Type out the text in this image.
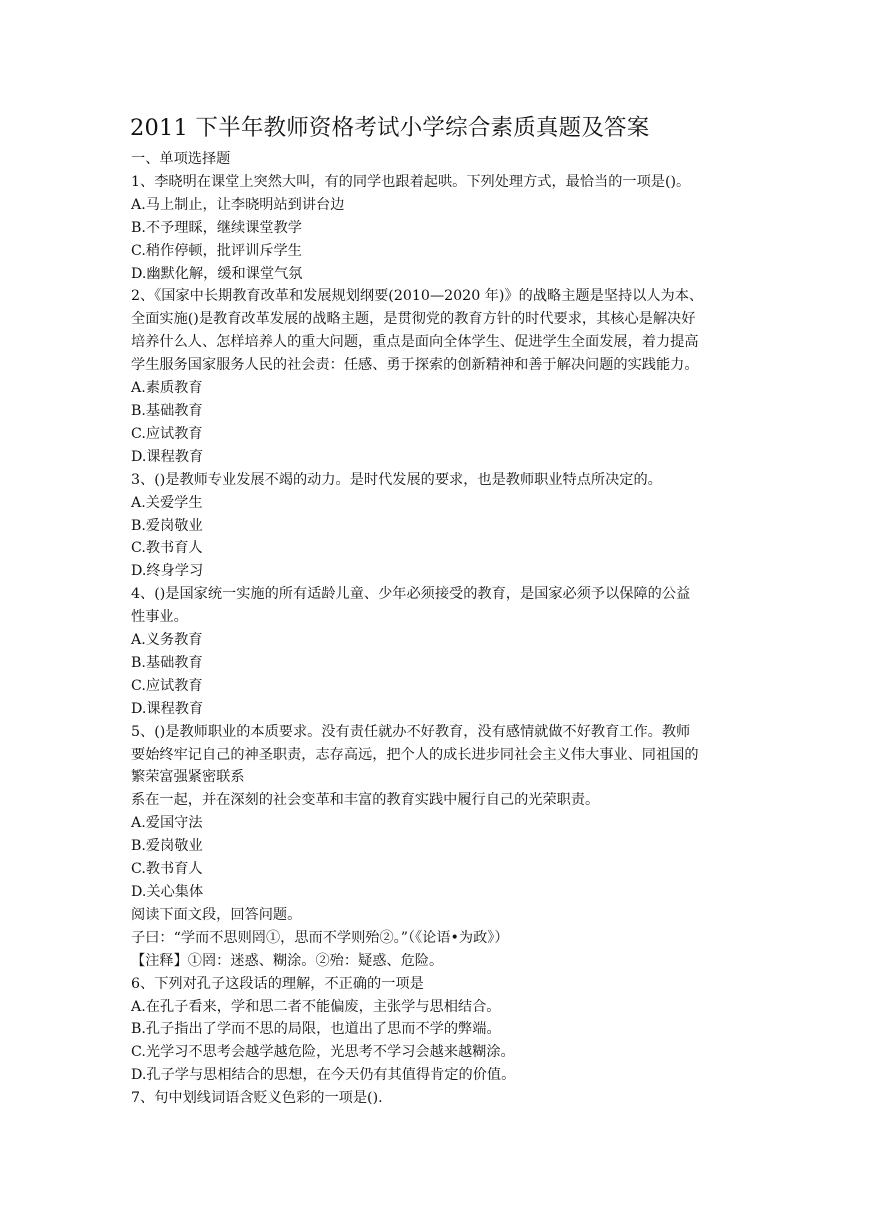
2011 下半年教师资格考试小学综合素质真题及答案

一、单项选择题

1、李晓明在课堂上突然大叫，有的同学也跟着起哄。下列处理方式，最恰当的一项是()。

A.马上制止，让李晓明站到讲台边

B.不予理睬，继续课堂教学

C.稍作停顿，批评训斥学生

D.幽默化解，缓和课堂气氛

2、《国家中长期教育改革和发展规划纲要(2010—2020 年)》的战略主题是坚持以人为本、

全面实施()是教育改革发展的战略主题，是贯彻党的教育方针的时代要求，其核心是解决好

培养什么人、怎样培养人的重大问题，重点是面向全体学生、促进学生全面发展，着力提高

学生服务国家服务人民的社会责：任感、勇于探索的创新精神和善于解决问题的实践能力。

A.素质教育

B.基础教育

C.应试教育

D.课程教育

3、()是教师专业发展不竭的动力。是时代发展的要求，也是教师职业特点所决定的。

A.关爱学生

B.爱岗敬业

C.教书育人

D.终身学习

4、()是国家统一实施的所有适龄儿童、少年必须接受的教育，是国家必须予以保障的公益

性事业。

A.义务教育

B.基础教育

C.应试教育

D.课程教育

5、()是教师职业的本质要求。没有责任就办不好教育，没有感情就做不好教育工作。教师

要始终牢记自己的神圣职责，志存高远，把个人的成长进步同社会主义伟大事业、同祖国的

繁荣富强紧密联系

系在一起，并在深刻的社会变革和丰富的教育实践中履行自己的光荣职责。

A.爱国守法

B.爱岗敬业

C.教书育人

D.关心集体

阅读下面文段，回答问题。

子曰：“学而不思则罔①，思而不学则殆②。”（《论语•为政》）

【注释】①罔：迷惑、糊涂。②殆：疑惑、危险。

6、下列对孔子这段话的理解，不正确的一项是

A.在孔子看来，学和思二者不能偏废，主张学与思相结合。

B.孔子指出了学而不思的局限，也道出了思而不学的弊端。

C.光学习不思考会越学越危险，光思考不学习会越来越糊涂。

D.孔子学与思相结合的思想，在今天仍有其值得肯定的价值。

7、句中划线词语含贬义色彩的一项是().
